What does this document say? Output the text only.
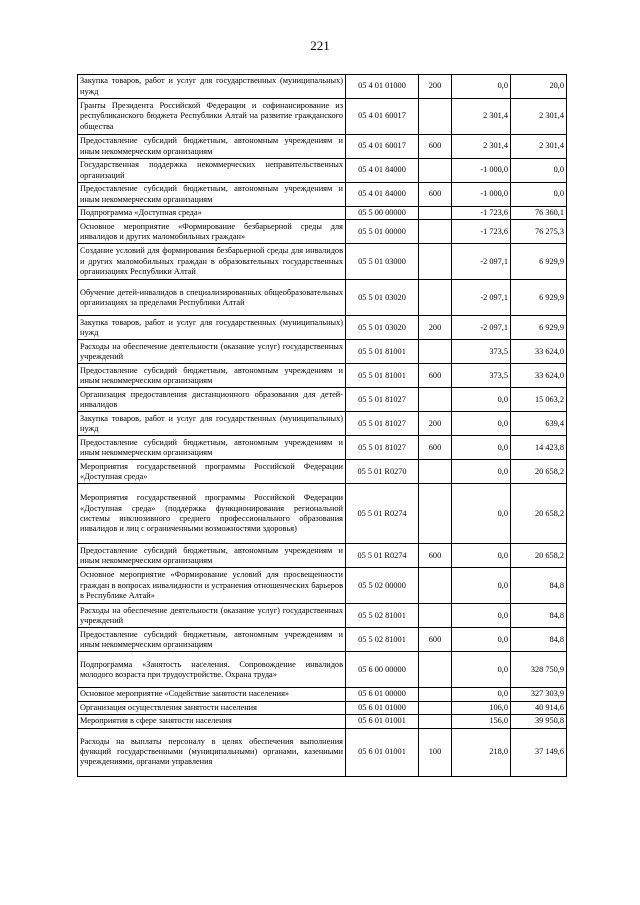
221
Закупка товаров, работ и услуг для государственных (муниципальных) нужд	05 4 01 01000	200	0,0	20,0
Гранты Президента Российской Федерации и софинансирование из республиканского бюджета Республики Алтай на развитие гражданского общества	05 4 01 60017		2 301,4	2 301,4
Предоставление субсидий бюджетным, автономным учреждениям и иным некоммерческим организациям	05 4 01 60017	600	2 301,4	2 301,4
Государственная поддержка некоммерческих неправительственных организаций	05 4 01 84000		-1 000,0	0,0
Предоставление субсидий бюджетным, автономным учреждениям и иным некоммерческим организациям	05 4 01 84000	600	-1 000,0	0,0
Подпрограмма «Доступная среда»	05 5 00 00000		-1 723,6	76 360,1
Основное мероприятие «Формирование безбарьерной среды для инвалидов и других маломобильных граждан»	05 5 01 00000		-1 723,6	76 275,3
Создание условий для формирования безбарьерной среды для инвалидов и других маломобильных граждан в образовательных государственных организациях Республики Алтай	05 5 01 03000		-2 097,1	6 929,9
Обучение детей-инвалидов в специализированных общеобразовательных организациях за пределами Республики Алтай	05 5 01 03020		-2 097,1	6 929,9
Закупка товаров, работ и услуг для государственных (муниципальных) нужд	05 5 01 03020	200	-2 097,1	6 929,9
Расходы на обеспечение деятельности (оказание услуг) государственных учреждений	05 5 01 81001		373,5	33 624,0
Предоставление субсидий бюджетным, автономным учреждениям и иным некоммерческим организациям	05 5 01 81001	600	373,5	33 624,0
Организация предоставления дистанционного образования для детей-инвалидов	05 5 01 81027		0,0	15 063,2
Закупка товаров, работ и услуг для государственных (муниципальных) нужд	05 5 01 81027	200	0,0	639,4
Предоставление субсидий бюджетным, автономным учреждениям и иным некоммерческим организациям	05 5 01 81027	600	0,0	14 423,8
Мероприятия государственной программы Российской Федерации «Доступная среда»	05 5 01 R0270		0,0	20 658,2
Мероприятия государственной программы Российской Федерации «Доступная среда» (поддержка функционирования региональной системы инклюзивного среднего профессионального образования инвалидов и лиц с ограниченными возможностями здоровья)	05 5 01 R0274		0,0	20 658,2
Предоставление субсидий бюджетным, автономным учреждениям и иным некоммерческим организациям	05 5 01 R0274	600	0,0	20 658,2
Основное мероприятие «Формирование условий для просвещенности граждан в вопросах инвалидности и устранения отношенческих барьеров в Республике Алтай»	05 5 02 00000		0,0	84,8
Расходы на обеспечение деятельности (оказание услуг) государственных учреждений	05 5 02 81001		0,0	84,8
Предоставление субсидий бюджетным, автономным учреждениям и иным некоммерческим организациям	05 5 02 81001	600	0,0	84,8
Подпрограмма «Занятость населения. Сопровождение инвалидов молодого возраста при трудоустройстве. Охрана труда»	05 6 00 00000		0,0	328 750,9
Основное мероприятие «Содействие занятости населения»	05 6 01 00000		0,0	327 303,9
Организация осуществления занятости населения	05 6 01 01000		106,0	40 914,6
Мероприятия в сфере занятости населения	05 6 01 01001		156,0	39 950,8
Расходы на выплаты персоналу в целях обеспечения выполнения функций государственными (муниципальными) органами, казенными учреждениями, органами управления	05 6 01 01001	100	218,0	37 149,6
